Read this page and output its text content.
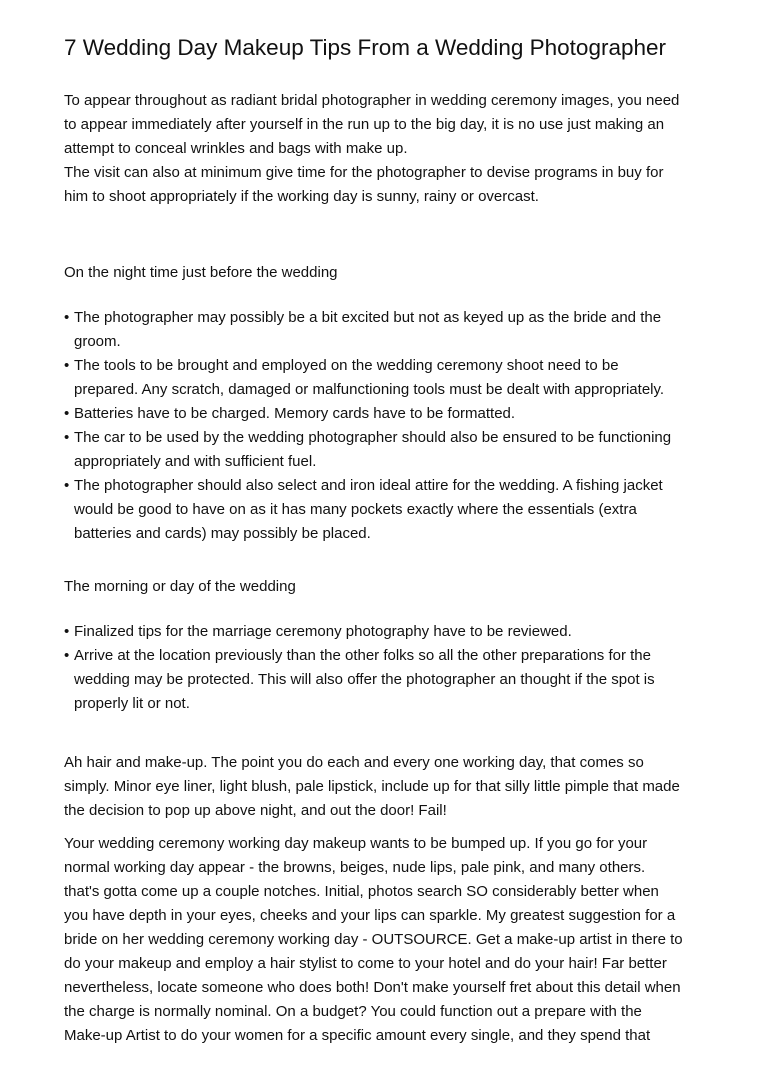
7 Wedding Day Makeup Tips From a Wedding Photographer
To appear throughout as radiant bridal photographer in wedding ceremony images, you need
to appear immediately after yourself in the run up to the big day, it is no use just making an
attempt to conceal wrinkles and bags with make up.
The visit can also at minimum give time for the photographer to devise programs in buy for
him to shoot appropriately if the working day is sunny, rainy or overcast.
On the night time just before the wedding
• The photographer may possibly be a bit excited but not as keyed up as the bride and the
groom.
• The tools to be brought and employed on the wedding ceremony shoot need to be
prepared. Any scratch, damaged or malfunctioning tools must be dealt with appropriately.
• Batteries have to be charged. Memory cards have to be formatted.
• The car to be used by the wedding photographer should also be ensured to be functioning
appropriately and with sufficient fuel.
• The photographer should also select and iron ideal attire for the wedding. A fishing jacket
would be good to have on as it has many pockets exactly where the essentials (extra
batteries and cards) may possibly be placed.
The morning or day of the wedding
• Finalized tips for the marriage ceremony photography have to be reviewed.
• Arrive at the location previously than the other folks so all the other preparations for the
wedding may be protected. This will also offer the photographer an thought if the spot is
properly lit or not.
Ah hair and make-up. The point you do each and every one working day, that comes so
simply. Minor eye liner, light blush, pale lipstick, include up for that silly little pimple that made
the decision to pop up above night, and out the door! Fail!
Your wedding ceremony working day makeup wants to be bumped up. If you go for your
normal working day appear - the browns, beiges, nude lips, pale pink, and many others.
that's gotta come up a couple notches. Initial, photos search SO considerably better when
you have depth in your eyes, cheeks and your lips can sparkle. My greatest suggestion for a
bride on her wedding ceremony working day - OUTSOURCE. Get a make-up artist in there to
do your makeup and employ a hair stylist to come to your hotel and do your hair! Far better
nevertheless, locate someone who does both! Don't make yourself fret about this detail when
the charge is normally nominal. On a budget? You could function out a prepare with the
Make-up Artist to do your women for a specific amount every single, and they spend that
